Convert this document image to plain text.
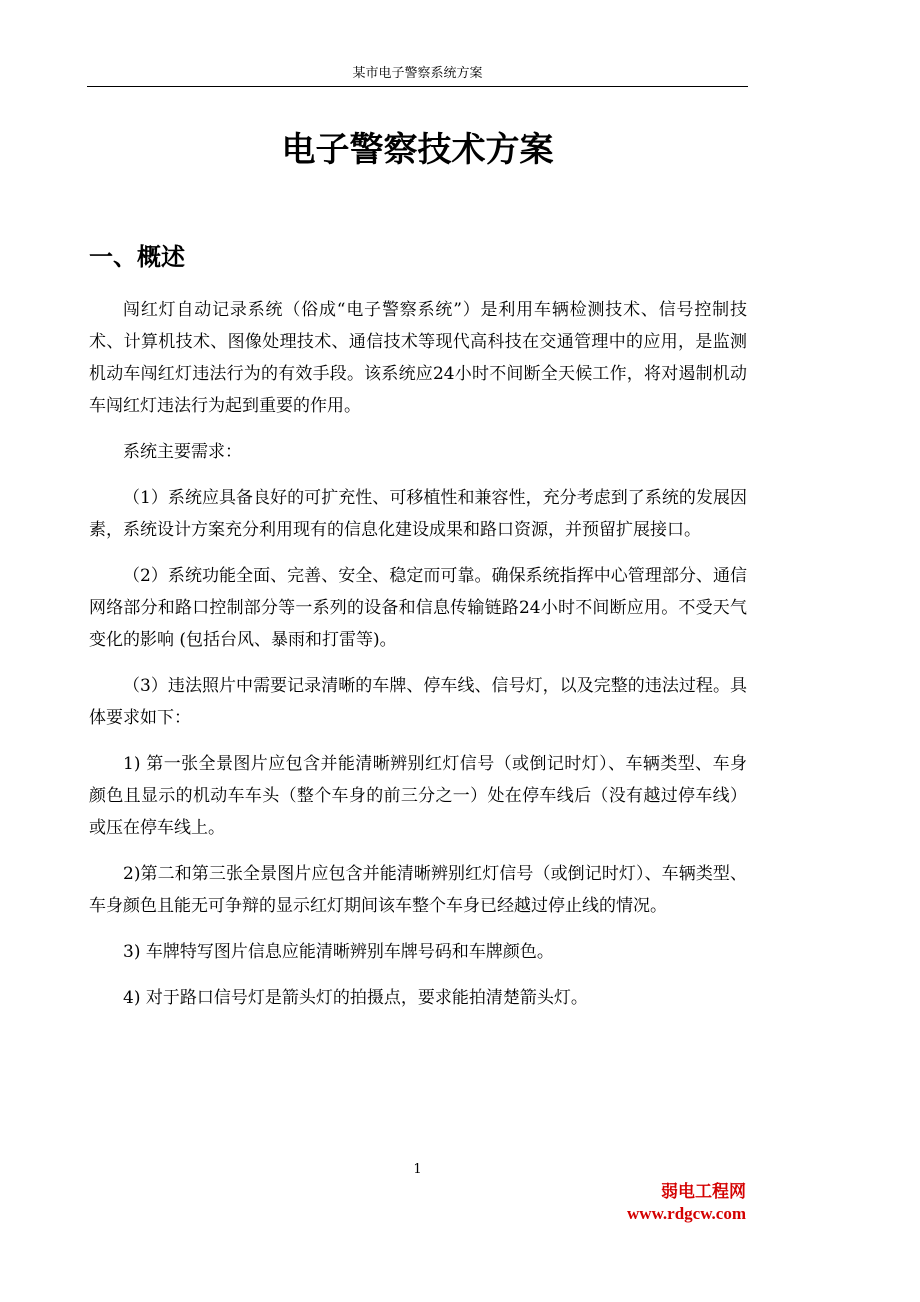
某市电子警察系统方案
电子警察技术方案
一、概述

闯红灯自动记录系统（俗成“电子警察系统”）是利用车辆检测技术、信号控制技术、计算机技术、图像处理技术、通信技术等现代高科技在交通管理中的应用，是监测机动车闯红灯违法行为的有效手段。该系统应24小时不间断全天候工作，将对遏制机动车闯红灯违法行为起到重要的作用。

系统主要需求：

（1）系统应具备良好的可扩充性、可移植性和兼容性，充分考虑到了系统的发展因素，系统设计方案充分利用现有的信息化建设成果和路口资源，并预留扩展接口。

（2）系统功能全面、完善、安全、稳定而可靠。确保系统指挥中心管理部分、通信网络部分和路口控制部分等一系列的设备和信息传输链路24小时不间断应用。不受天气变化的影响 (包括台风、暴雨和打雷等)。

（3）违法照片中需要记录清晰的车牌、停车线、信号灯，以及完整的违法过程。具体要求如下：

1) 第一张全景图片应包含并能清晰辨别红灯信号（或倒记时灯）、车辆类型、车身颜色且显示的机动车车头（整个车身的前三分之一）处在停车线后（没有越过停车线）或压在停车线上。

2)第二和第三张全景图片应包含并能清晰辨别红灯信号（或倒记时灯）、车辆类型、车身颜色且能无可争辩的显示红灯期间该车整个车身已经越过停止线的情况。

3) 车牌特写图片信息应能清晰辨别车牌号码和车牌颜色。

4) 对于路口信号灯是箭头灯的拍摄点，要求能拍清楚箭头灯。

1
弱电工程网
www.rdgcw.com
